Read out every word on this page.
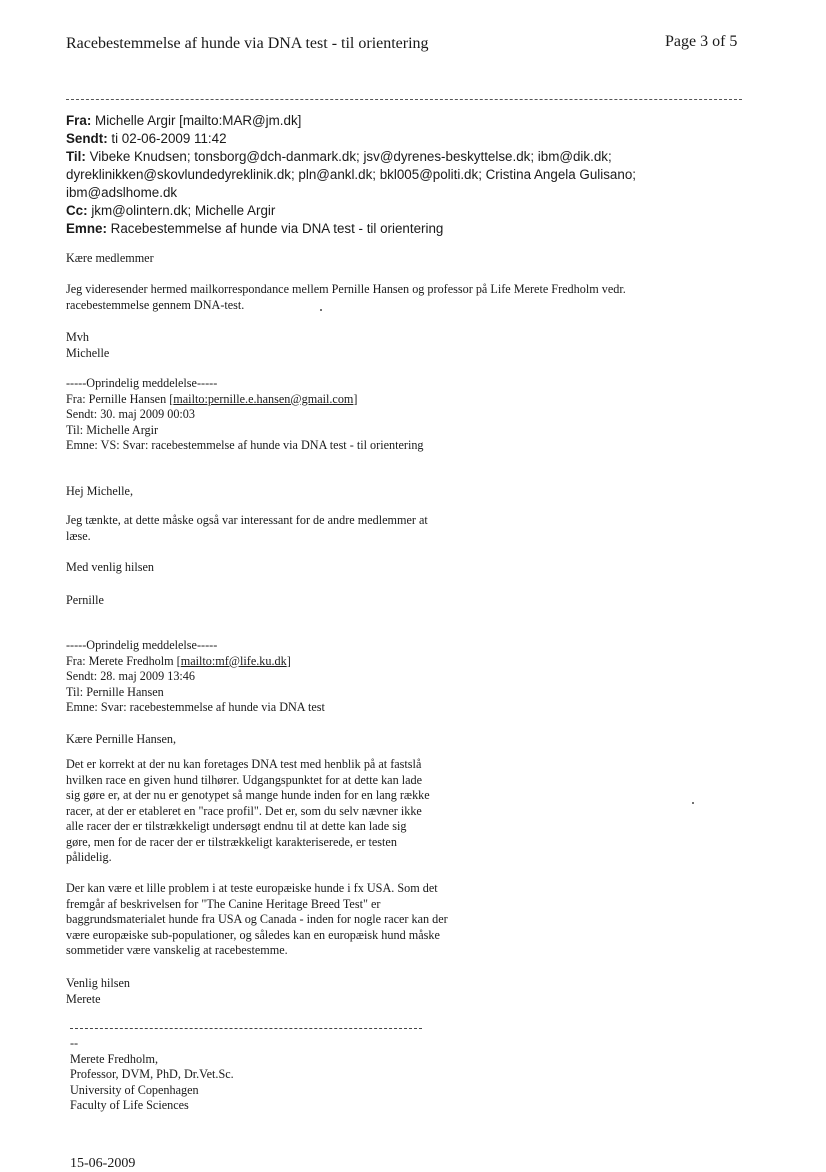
Racebestemmelse af hunde via DNA test - til orientering	Page 3 of 5
Fra: Michelle Argir [mailto:MAR@jm.dk]
Sendt: ti 02-06-2009 11:42
Til: Vibeke Knudsen; tonsborg@dch-danmark.dk; jsv@dyrenes-beskyttelse.dk; ibm@dik.dk;
dyreklinikken@skovlundedyreklinik.dk; pln@ankl.dk; bkl005@politi.dk; Cristina Angela Gulisano;
ibm@adslhome.dk
Cc: jkm@olintern.dk; Michelle Argir
Emne: Racebestemmelse af hunde via DNA test - til orientering
Kære medlemmer
Jeg videresender hermed mailkorrespondance mellem Pernille Hansen og professor på Life Merete Fredholm vedr.
racebestemmelse gennem DNA-test.
Mvh
Michelle
-----Oprindelig meddelelse-----
Fra: Pernille Hansen [mailto:pernille.e.hansen@gmail.com]
Sendt: 30. maj 2009 00:03
Til: Michelle Argir
Emne: VS: Svar: racebestemmelse af hunde via DNA test - til orientering
Hej Michelle,
Jeg tænkte, at dette måske også var interessant for de andre medlemmer at
læse.
Med venlig hilsen
Pernille
-----Oprindelig meddelelse-----
Fra: Merete Fredholm [mailto:mf@life.ku.dk]
Sendt: 28. maj 2009 13:46
Til: Pernille Hansen
Emne: Svar: racebestemmelse af hunde via DNA test
Kære Pernille Hansen,
Det er korrekt at der nu kan foretages DNA test med henblik på at fastslå
hvilken race en given hund tilhører. Udgangspunktet for at dette kan lade
sig gøre er, at der nu er genotypet så mange hunde inden for en lang række
racer, at der er etableret en "race profil". Det er, som du selv nævner ikke
alle racer der er tilstrækkeligt undersøgt endnu til at dette kan lade sig
gøre, men for de racer der er tilstrækkeligt karakteriserede, er testen
pålidelig.
Der kan være et lille problem i at teste europæiske hunde i fx USA. Som det
fremgår af beskrivelsen for "The Canine Heritage Breed Test" er
baggrundsmaterialet hunde fra USA og Canada - inden for nogle racer kan der
være europæiske sub-populationer, og således kan en europæisk hund måske
sommetider være vanskelig at racebestemme.
Venlig hilsen
Merete
--
Merete Fredholm,
Professor, DVM, PhD, Dr.Vet.Sc.
University of Copenhagen
Faculty of Life Sciences
15-06-2009
